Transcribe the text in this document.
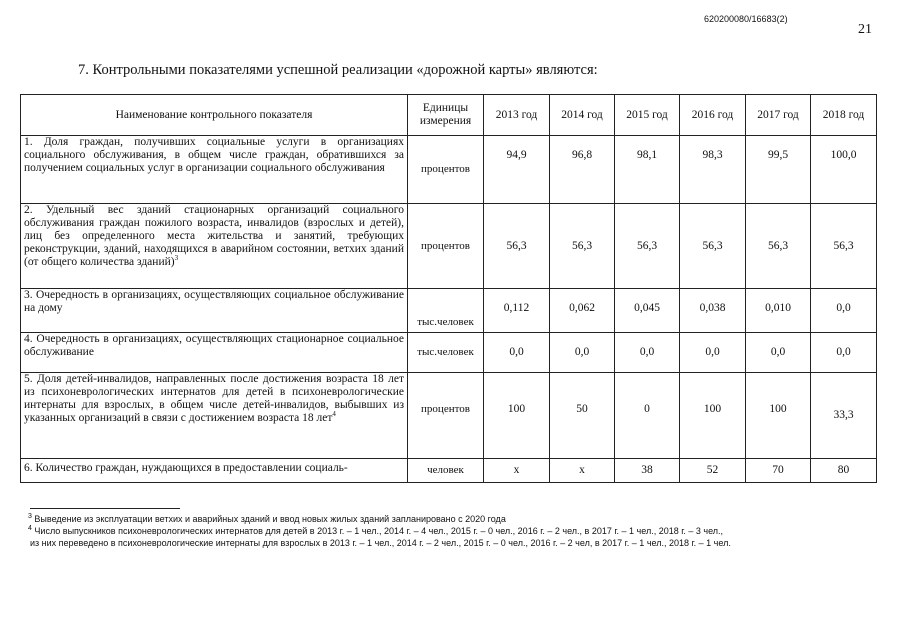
620200080/16683(2)
21
7. Контрольными показателями успешной реализации «дорожной карты» являются:
Наименование контрольного показателя	Единицы измерения	2013 год	2014 год	2015 год	2016 год	2017 год	2018 год
1. Доля граждан, получивших социальные услуги в организациях социального обслуживания, в общем числе граждан, обратившихся за получением социальных услуг в организации социального обслуживания	процентов	94,9	96,8	98,1	98,3	99,5	100,0
2. Удельный вес зданий стационарных организаций социального обслуживания граждан пожилого возраста, инвалидов (взрослых и детей), лиц без определенного места жительства и занятий, требующих реконструкции, зданий, находящихся в аварийном состоянии, ветхих зданий (от общего количества зданий)$^3$	процентов	56,3	56,3	56,3	56,3	56,3	56,3
3. Очередность в организациях, осуществляющих социальное обслуживание на дому	тыс.человек	0,112	0,062	0,045	0,038	0,010	0,0
4. Очередность в организациях, осуществляющих стационарное социальное обслуживание	тыс.человек	0,0	0,0	0,0	0,0	0,0	0,0
5. Доля детей-инвалидов, направленных после достижения возраста 18 лет из психоневрологических интернатов для детей в психоневрологические интернаты для взрослых, в общем числе детей-инвалидов, выбывших из указанных организаций в связи с достижением возраста 18 лет$^4$	процентов	100	50	0	100	100	33,3
6. Количество граждан, нуждающихся в предоставлении социаль-	человек	х	х	38	52	70	80
$^3$ Выведение из эксплуатации ветхих и аварийных зданий и ввод новых жилых зданий запланировано с 2020 года
$^4$ Число выпускников психоневрологических интернатов для детей в 2013 г. – 1 чел., 2014 г. – 4 чел., 2015 г. – 0 чел., 2016 г. – 2 чел., в 2017 г. – 1 чел., 2018 г. – 3 чел.,
из них переведено в психоневрологические интернаты для взрослых в 2013 г. – 1 чел., 2014 г. – 2 чел., 2015 г. – 0 чел., 2016 г. – 2 чел, в 2017 г. – 1 чел., 2018 г. – 1 чел.
